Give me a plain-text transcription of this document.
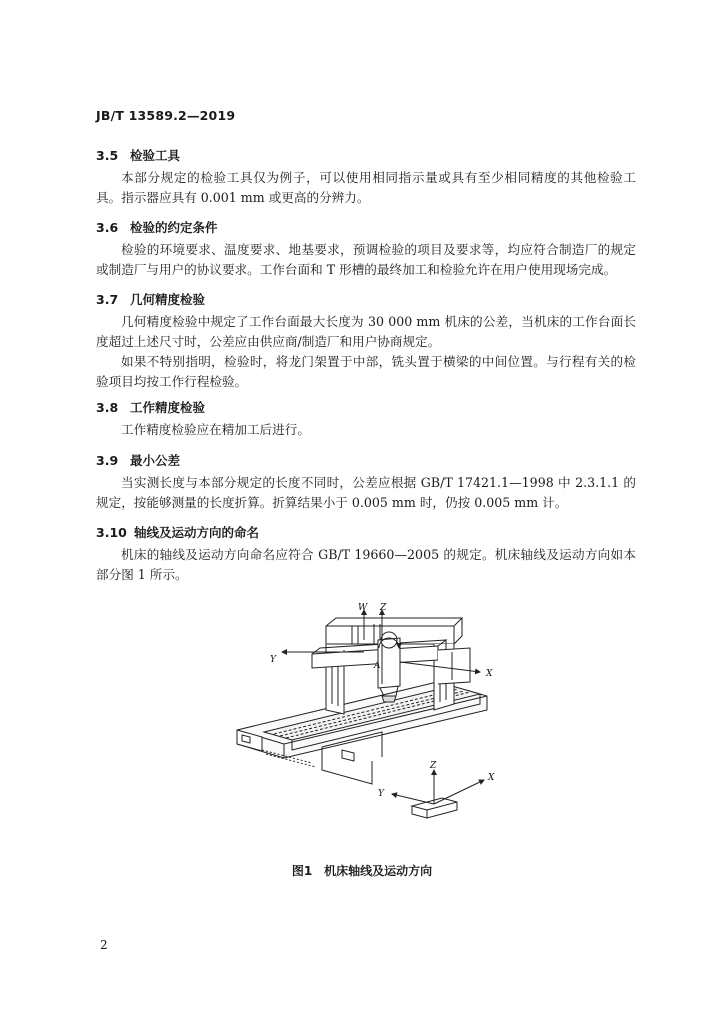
JB/T 13589.2—2019
3.5 检验工具

本部分规定的检验工具仅为例子，可以使用相同指示量或具有至少相同精度的其他检验工具。指示器应具有 0.001 mm 或更高的分辨力。

3.6 检验的约定条件

检验的环境要求、温度要求、地基要求，预调检验的项目及要求等，均应符合制造厂的规定或制造厂与用户的协议要求。工作台面和 T 形槽的最终加工和检验允许在用户使用现场完成。

3.7 几何精度检验

几何精度检验中规定了工作台面最大长度为 30 000 mm 机床的公差，当机床的工作台面长度超过上述尺寸时，公差应由供应商/制造厂和用户协商规定。

如果不特别指明，检验时，将龙门架置于中部，铣头置于横梁的中间位置。与行程有关的检验项目均按工作行程检验。

3.8 工作精度检验

工作精度检验应在精加工后进行。

3.9 最小公差

当实测长度与本部分规定的长度不同时，公差应根据 GB/T 17421.1—1998 中 2.3.1.1 的规定，按能够测量的长度折算。折算结果小于 0.005 mm 时，仍按 0.005 mm 计。

3.10 轴线及运动方向的命名

机床的轴线及运动方向命名应符合 GB/T 19660—2005 的规定。机床轴线及运动方向如本部分图 1 所示。

W Z
Y
X
A
Z
Y
X
图1 机床轴线及运动方向
2
